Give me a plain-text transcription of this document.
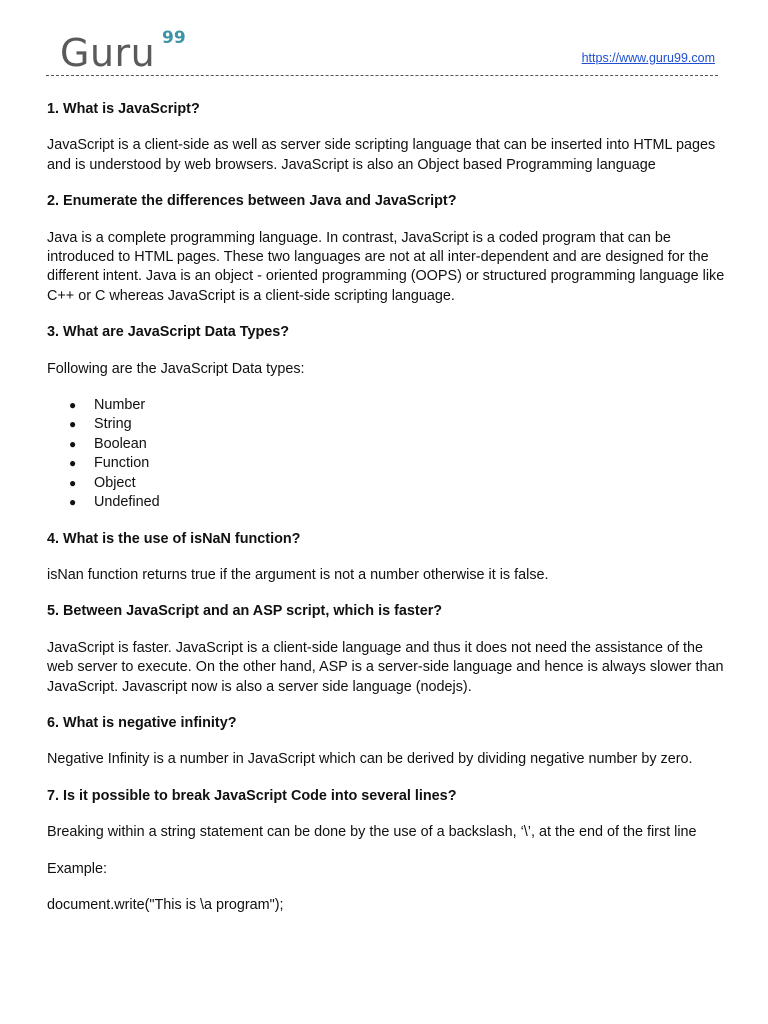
Guru 99
https://www.guru99.com
1. What is JavaScript?
JavaScript is a client-side as well as server side scripting language that can be inserted into HTML pages and is understood by web browsers. JavaScript is also an Object based Programming language
2. Enumerate the differences between Java and JavaScript?
Java is a complete programming language. In contrast, JavaScript is a coded program that can be introduced to HTML pages. These two languages are not at all inter-dependent and are designed for the different intent. Java is an object - oriented programming (OOPS) or structured programming language like C++ or C whereas JavaScript is a client-side scripting language.
3. What are JavaScript Data Types?
Following are the JavaScript Data types:
● Number
● String
● Boolean
● Function
● Object
● Undefined
4. What is the use of isNaN function?
isNan function returns true if the argument is not a number otherwise it is false.
5. Between JavaScript and an ASP script, which is faster?
JavaScript is faster. JavaScript is a client-side language and thus it does not need the assistance of the web server to execute. On the other hand, ASP is a server-side language and hence is always slower than JavaScript. Javascript now is also a server side language (nodejs).
6. What is negative infinity?
Negative Infinity is a number in JavaScript which can be derived by dividing negative number by zero.
7. Is it possible to break JavaScript Code into several lines?
Breaking within a string statement can be done by the use of a backslash, ‘\’, at the end of the first line
Example:
document.write("This is \a program");
